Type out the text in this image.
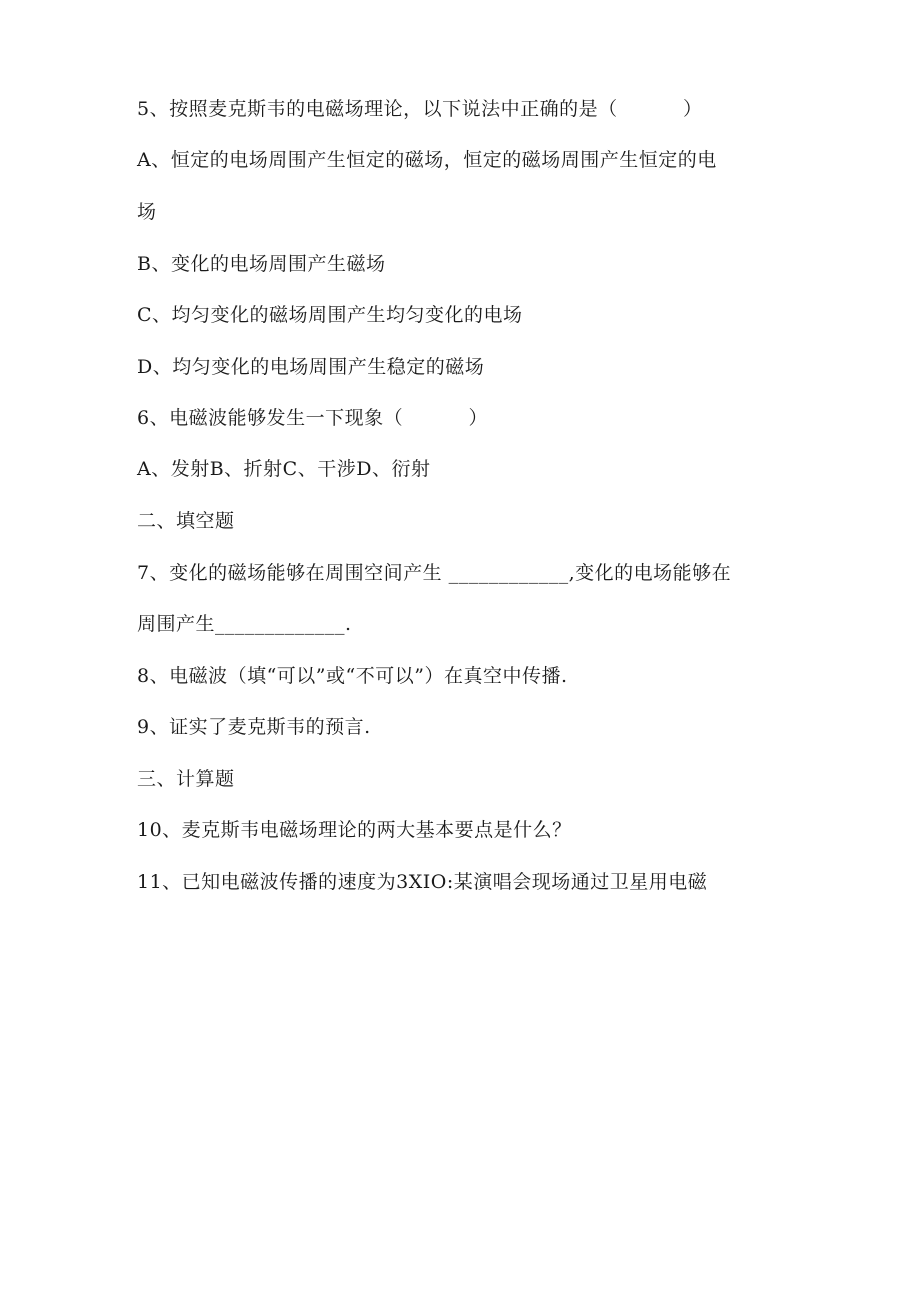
5、按照麦克斯韦的电磁场理论，以下说法中正确的是（          ）
A、恒定的电场周围产生恒定的磁场，恒定的磁场周围产生恒定的电
场
B、变化的电场周围产生磁场
C、均匀变化的磁场周围产生均匀变化的电场
D、均匀变化的电场周围产生稳定的磁场
6、电磁波能够发生一下现象（          ）
A、发射B、折射C、干涉D、衍射
二、填空题
7、变化的磁场能够在周围空间产生 ____________,变化的电场能够在
周围产生_____________.
8、电磁波（填“可以”或“不可以”）在真空中传播.
9、证实了麦克斯韦的预言.
三、计算题
10、麦克斯韦电磁场理论的两大基本要点是什么？
11、已知电磁波传播的速度为3XIO:某演唱会现场通过卫星用电磁
